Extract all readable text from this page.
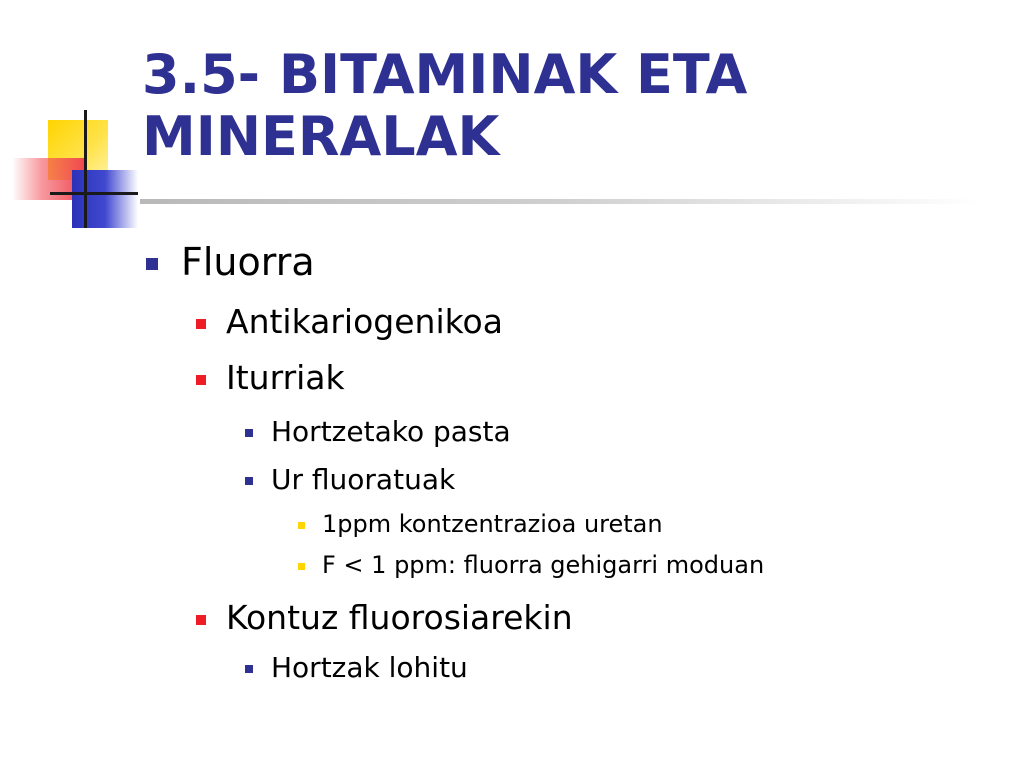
3.5- BITAMINAK ETA
MINERALAK
Fluorra
Antikariogenikoa
Iturriak
Hortzetako pasta
Ur fluoratuak
1ppm kontzentrazioa uretan
F < 1 ppm: fluorra gehigarri moduan
Kontuz fluorosiarekin
Hortzak lohitu
